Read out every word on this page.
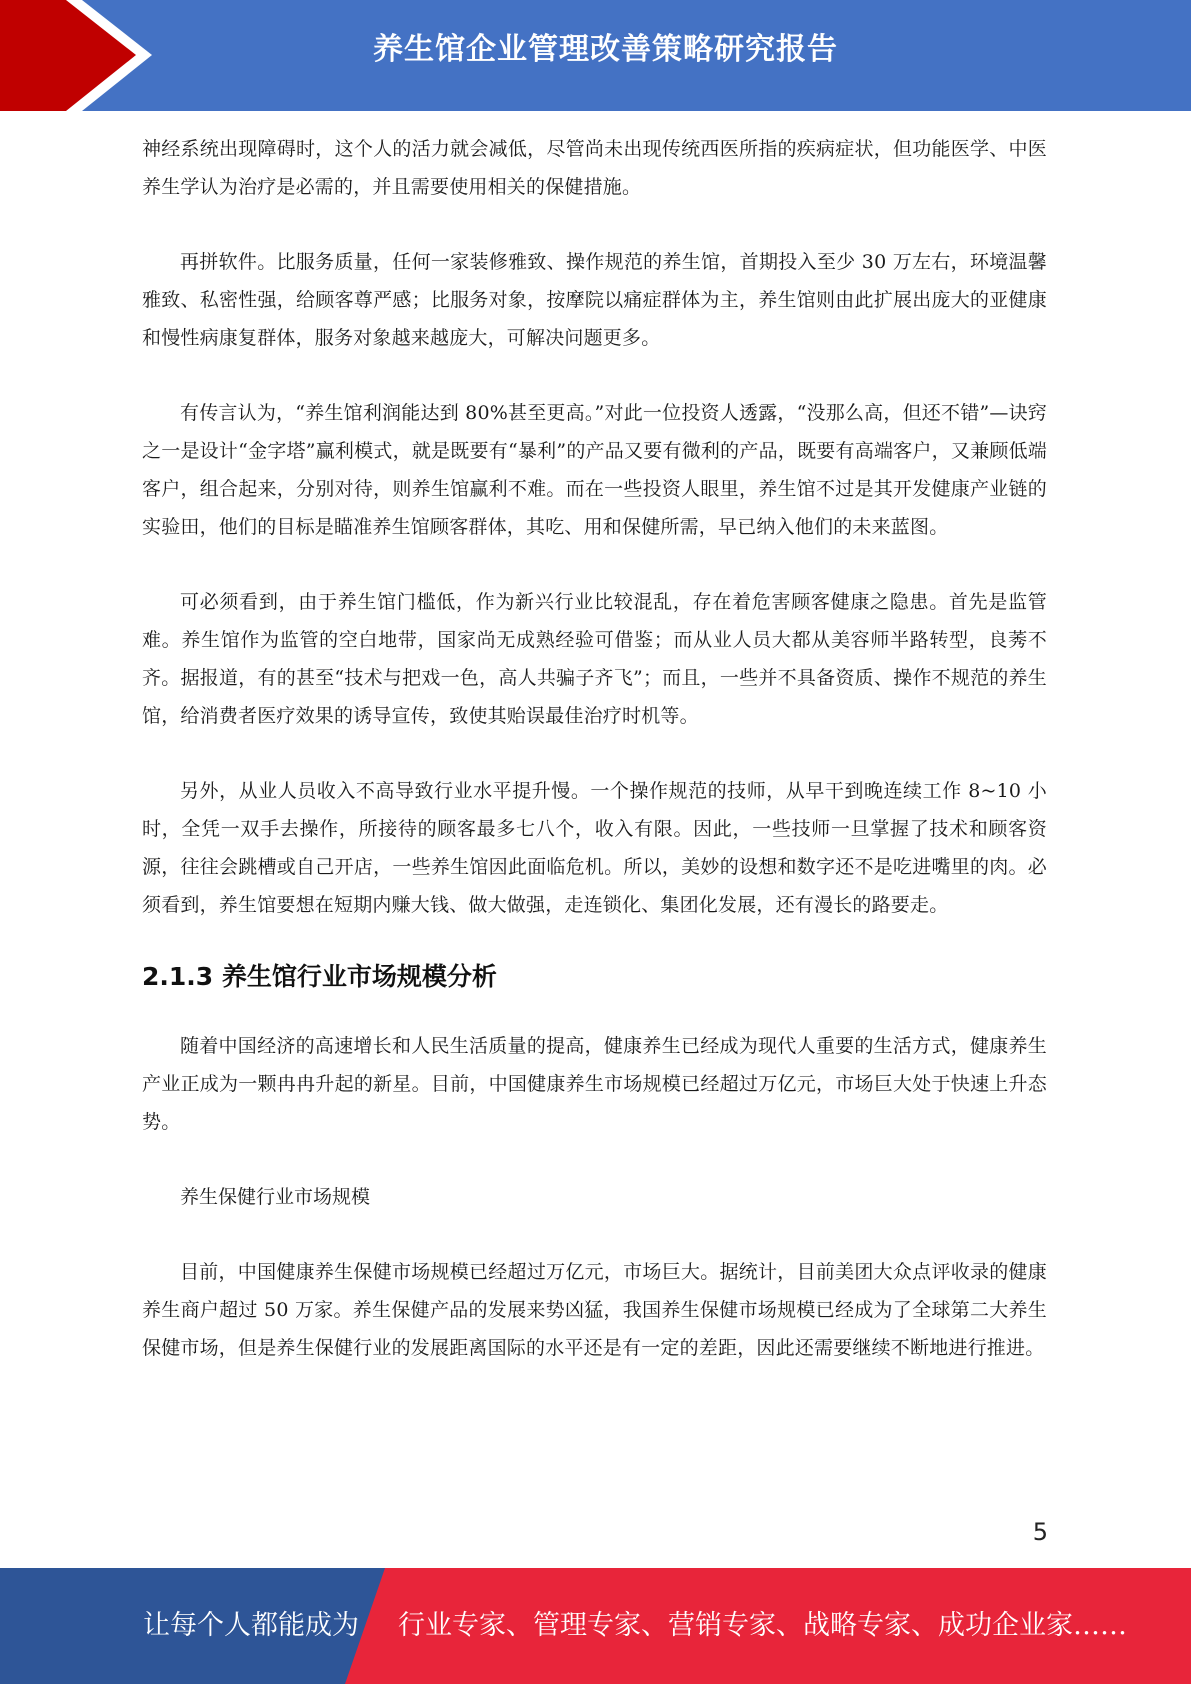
养生馆企业管理改善策略研究报告

神经系统出现障碍时，这个人的活力就会减低，尽管尚未出现传统西医所指的疾病症状，但功能医学、中医养生学认为治疗是必需的，并且需要使用相关的保健措施。

再拼软件。比服务质量，任何一家装修雅致、操作规范的养生馆，首期投入至少 30 万左右，环境温馨雅致、私密性强，给顾客尊严感；比服务对象，按摩院以痛症群体为主，养生馆则由此扩展出庞大的亚健康和慢性病康复群体，服务对象越来越庞大，可解决问题更多。

有传言认为，“养生馆利润能达到 80%甚至更高。”对此一位投资人透露，“没那么高，但还不错”—诀窍之一是设计“金字塔”赢利模式，就是既要有“暴利”的产品又要有微利的产品，既要有高端客户，又兼顾低端客户，组合起来，分别对待，则养生馆赢利不难。而在一些投资人眼里，养生馆不过是其开发健康产业链的实验田，他们的目标是瞄准养生馆顾客群体，其吃、用和保健所需，早已纳入他们的未来蓝图。

可必须看到，由于养生馆门槛低，作为新兴行业比较混乱，存在着危害顾客健康之隐患。首先是监管难。养生馆作为监管的空白地带，国家尚无成熟经验可借鉴；而从业人员大都从美容师半路转型，良莠不齐。据报道，有的甚至“技术与把戏一色，高人共骗子齐飞”；而且，一些并不具备资质、操作不规范的养生馆，给消费者医疗效果的诱导宣传，致使其贻误最佳治疗时机等。

另外，从业人员收入不高导致行业水平提升慢。一个操作规范的技师，从早干到晚连续工作 8~10 小时，全凭一双手去操作，所接待的顾客最多七八个，收入有限。因此，一些技师一旦掌握了技术和顾客资源，往往会跳槽或自己开店，一些养生馆因此面临危机。所以，美妙的设想和数字还不是吃进嘴里的肉。必须看到，养生馆要想在短期内赚大钱、做大做强，走连锁化、集团化发展，还有漫长的路要走。

2.1.3 养生馆行业市场规模分析

随着中国经济的高速增长和人民生活质量的提高，健康养生已经成为现代人重要的生活方式，健康养生产业正成为一颗冉冉升起的新星。目前，中国健康养生市场规模已经超过万亿元，市场巨大处于快速上升态势。

养生保健行业市场规模

目前，中国健康养生保健市场规模已经超过万亿元，市场巨大。据统计，目前美团大众点评收录的健康养生商户超过 50 万家。养生保健产品的发展来势凶猛，我国养生保健市场规模已经成为了全球第二大养生保健市场，但是养生保健行业的发展距离国际的水平还是有一定的差距，因此还需要继续不断地进行推进。

5
让每个人都能成为 行业专家、管理专家、营销专家、战略专家、成功企业家……
